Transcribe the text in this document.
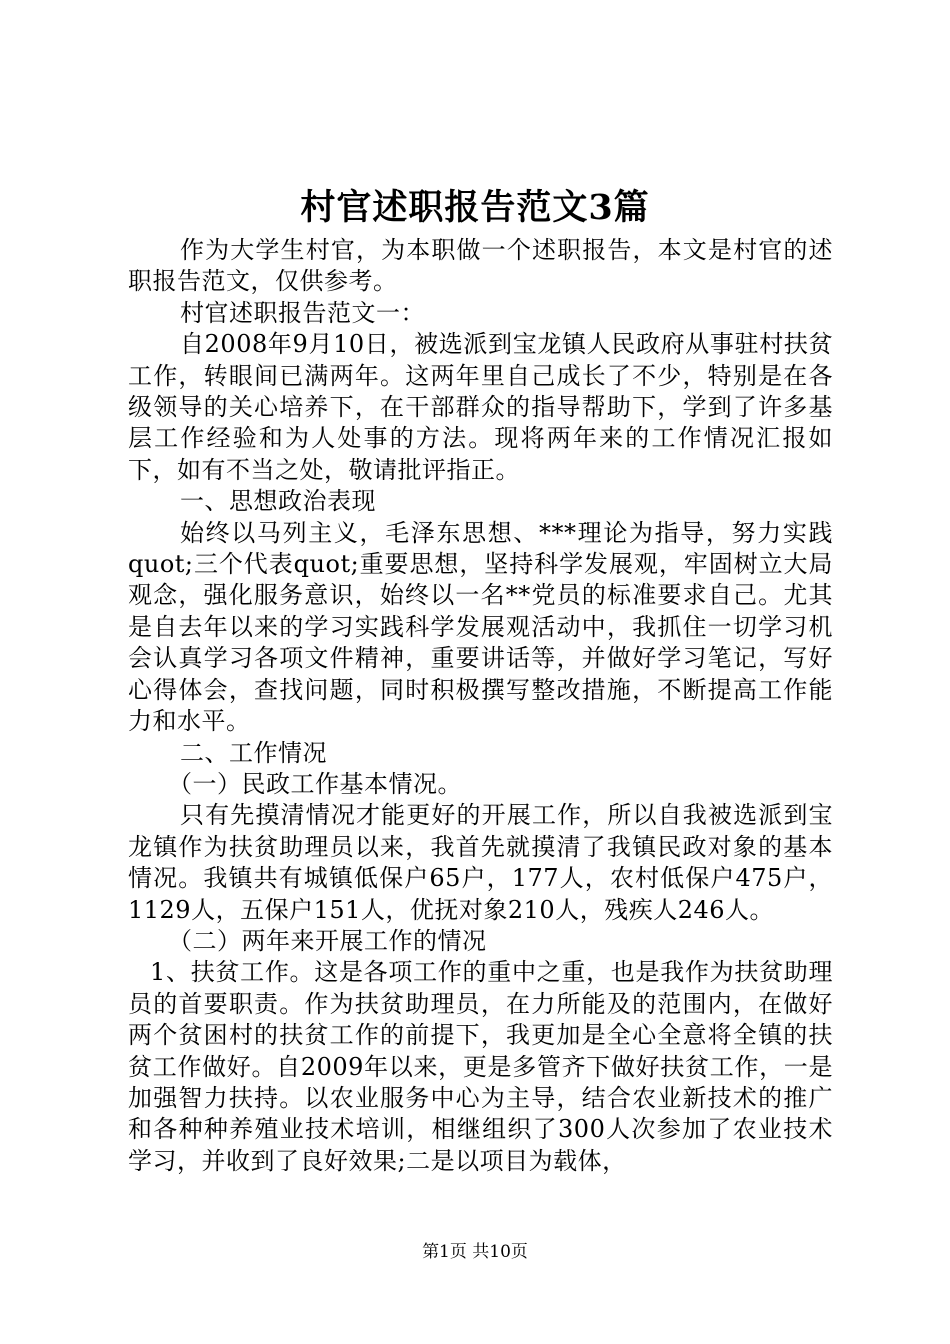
村官述职报告范文3篇

作为大学生村官，为本职做一个述职报告，本文是村官的述职报告范文，仅供参考。

村官述职报告范文一：

自2008年9月10日，被选派到宝龙镇人民政府从事驻村扶贫工作，转眼间已满两年。这两年里自己成长了不少，特别是在各级领导的关心培养下，在干部群众的指导帮助下，学到了许多基层工作经验和为人处事的方法。现将两年来的工作情况汇报如下，如有不当之处，敬请批评指正。

一、思想政治表现

始终以马列主义，毛泽东思想、***理论为指导，努力实践quot;三个代表quot;重要思想，坚持科学发展观，牢固树立大局观念，强化服务意识，始终以一名**党员的标准要求自己。尤其是自去年以来的学习实践科学发展观活动中，我抓住一切学习机会认真学习各项文件精神，重要讲话等，并做好学习笔记，写好心得体会，查找问题，同时积极撰写整改措施，不断提高工作能力和水平。

二、工作情况

（一）民政工作基本情况。

只有先摸清情况才能更好的开展工作，所以自我被选派到宝龙镇作为扶贫助理员以来，我首先就摸清了我镇民政对象的基本情况。我镇共有城镇低保户65户，177人，农村低保户475户，1129人，五保户151人，优抚对象210人，残疾人246人。

（二）两年来开展工作的情况

1、扶贫工作。这是各项工作的重中之重，也是我作为扶贫助理员的首要职责。作为扶贫助理员，在力所能及的范围内，在做好两个贫困村的扶贫工作的前提下，我更加是全心全意将全镇的扶贫工作做好。自2009年以来，更是多管齐下做好扶贫工作，一是加强智力扶持。以农业服务中心为主导，结合农业新技术的推广和各种种养殖业技术培训，相继组织了300人次参加了农业技术学习，并收到了良好效果;二是以项目为载体，

第1页 共10页
